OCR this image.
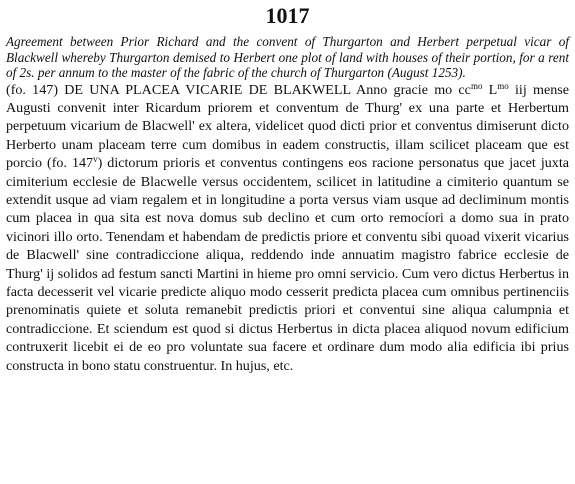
1017

Agreement between Prior Richard and the convent of Thurgarton and Herbert perpetual vicar of Blackwell whereby Thurgarton demised to Herbert one plot of land with houses of their portion, for a rent of 2s. per annum to the master of the fabric of the church of Thurgarton (August 1253).

(fo. 147) DE UNA PLACEA VICARIE DE BLAKWELL Anno gracie mo $cc^{mo}$ $L^{mo}$ iij mense Augusti convenit inter Ricardum priorem et conventum de Thurg' ex una parte et Herbertum perpetuum vicarium de Blacwell' ex altera, videlicet quod dicti prior et conventus dimiserunt dicto Herberto unam placeam terre cum domibus in eadem constructis, illam scilicet placeam que est porcio (fo. 147$^v$) dictorum prioris et conventus contingens eos racione personatus que jacet juxta cimiterium ecclesie de Blacwelle versus occidentem, scilicet in latitudine a cimiterio quantum se extendit usque ad viam regalem et in longitudine a porta versus viam usque ad decliminum montis cum placea in qua sita est nova domus sub declino et cum orto remocíori a domo sua in prato vicinori illo orto. Tenendam et habendam de predictis priore et conventu sibi quoad vixerit vicarius de Blacwell' sine contradiccione aliqua, reddendo inde annuatim magistro fabrice ecclesie de Thurg' ij solidos ad festum sancti Martini in hieme pro omni servicio. Cum vero dictus Herbertus in facta decesserit vel vicarie predicte aliquo modo cesserit predicta placea cum omnibus pertinenciis prenominatis quiete et soluta remanebit predictis priori et conventui sine aliqua calumpnia et contradiccione. Et sciendum est quod si dictus Herbertus in dicta placea aliquod novum edificium contruxerit licebit ei de eo pro voluntate sua facere et ordinare dum modo alia edificia ibi prius constructa in bono statu construentur. In hujus, etc.
